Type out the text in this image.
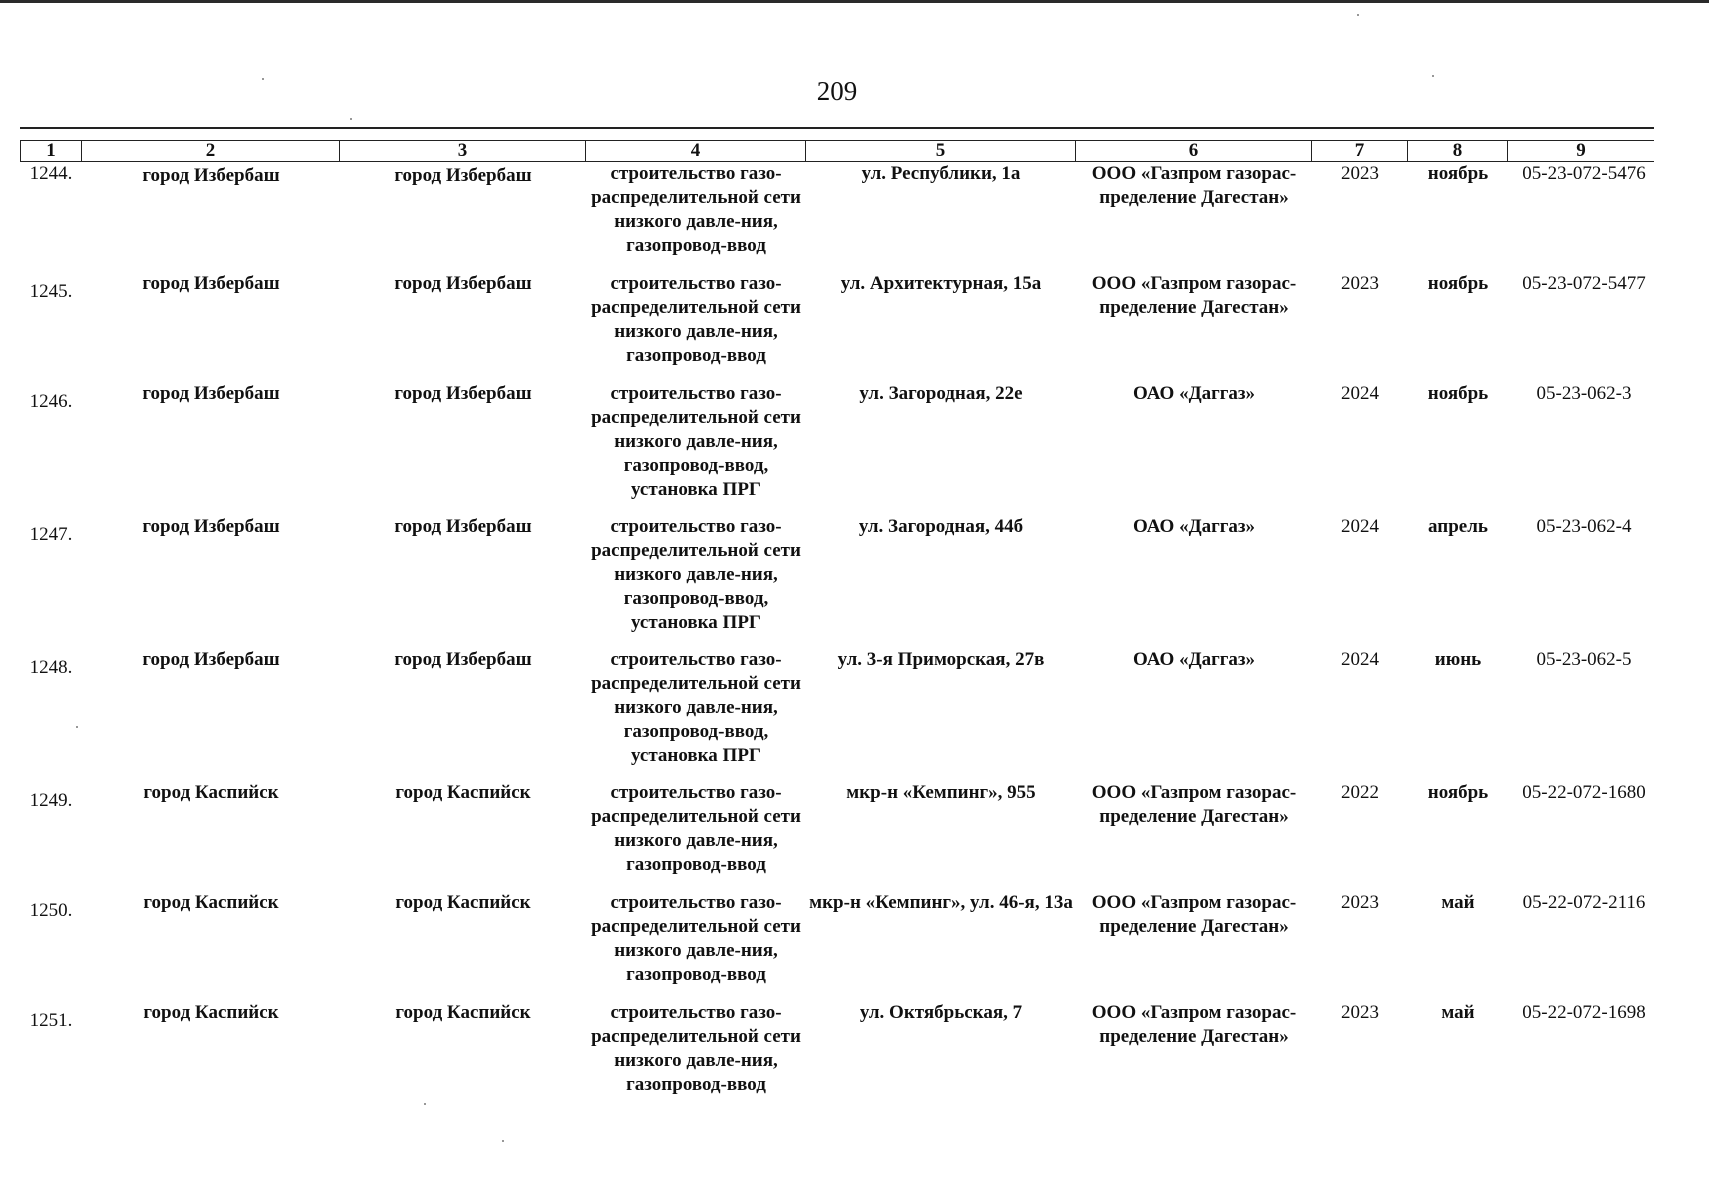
209
1	2	3	4	5	6	7	8	9
1244.	город Избербаш	город Избербаш	строительство газо-распределительной сети низкого давле-ния, газопровод-ввод
ул. Республики, 1а	ООО «Газпром газорас-пределение Дагестан»
2023	ноябрь	05-23-072-5476
1245.	город Избербаш	город Избербаш	строительство газо-распределительной сети низкого давле-ния, газопровод-ввод
ул. Архитектурная, 15а	ООО «Газпром газорас-пределение Дагестан»
2023	ноябрь	05-23-072-5477
1246.	город Избербаш	город Избербаш	строительство газо-распределительной сети низкого давле-ния, газопровод-ввод, установка ПРГ
ул. Загородная, 22е	ОАО «Даггаз»	2024	ноябрь	05-23-062-3
1247.	город Избербаш	город Избербаш	строительство газо-распределительной сети низкого давле-ния, газопровод-ввод, установка ПРГ
ул. Загородная, 44б	ОАО «Даггаз»	2024	апрель	05-23-062-4
1248.	город Избербаш	город Избербаш	строительство газо-распределительной сети низкого давле-ния, газопровод-ввод, установка ПРГ
ул. 3-я Приморская, 27в	ОАО «Даггаз»	2024	июнь	05-23-062-5
1249.	город Каспийск	город Каспийск	строительство газо-распределительной сети низкого давле-ния, газопровод-ввод
мкр-н «Кемпинг», 955	ООО «Газпром газорас-пределение Дагестан»
2022	ноябрь	05-22-072-1680
1250.	город Каспийск	город Каспийск	строительство газо-распределительной сети низкого давле-ния, газопровод-ввод
мкр-н «Кемпинг», ул. 46-я, 13а ООО «Газпром газорас-пределение Дагестан»
2023	май	05-22-072-2116
1251.	город Каспийск	город Каспийск	строительство газо-распределительной сети низкого давле-ния, газопровод-ввод
ул. Октябрьская, 7	ООО «Газпром газорас-пределение Дагестан»
2023	май	05-22-072-1698
